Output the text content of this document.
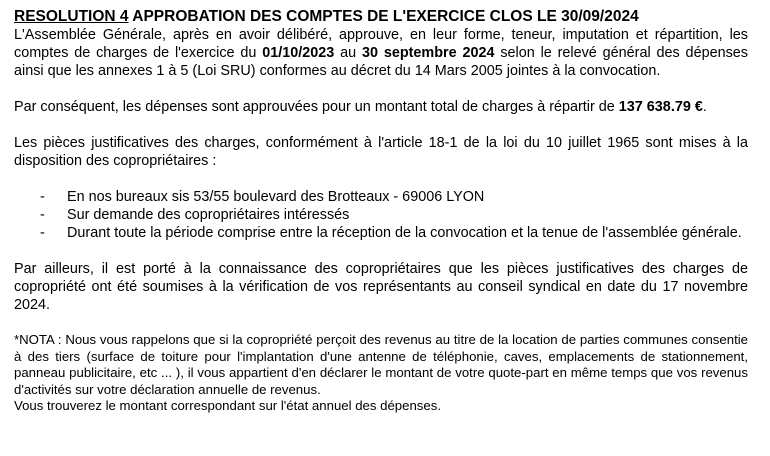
RESOLUTION 4 APPROBATION DES COMPTES DE L'EXERCICE CLOS LE 30/09/2024

L'Assemblée Générale, après en avoir délibéré, approuve, en leur forme, teneur, imputation et répartition, les comptes de charges de l'exercice du 01/10/2023 au 30 septembre 2024 selon le relevé général des dépenses ainsi que les annexes 1 à 5 (Loi SRU) conformes au décret du 14 Mars 2005 jointes à la convocation.

Par conséquent, les dépenses sont approuvées pour un montant total de charges à répartir de 137 638.79 €.

Les pièces justificatives des charges, conformément à l'article 18-1 de la loi du 10 juillet 1965 sont mises à la disposition des copropriétaires :

- En nos bureaux sis 53/55 boulevard des Brotteaux - 69006 LYON
- Sur demande des copropriétaires intéressés
- Durant toute la période comprise entre la réception de la convocation et la tenue de l'assemblée générale.

Par ailleurs, il est porté à la connaissance des copropriétaires que les pièces justificatives des charges de copropriété ont été soumises à la vérification de vos représentants au conseil syndical en date du 17 novembre 2024.

*NOTA : Nous vous rappelons que si la copropriété perçoit des revenus au titre de la location de parties communes consentie à des tiers (surface de toiture pour l'implantation d'une antenne de téléphonie, caves, emplacements de stationnement, panneau publicitaire, etc ... ), il vous appartient d'en déclarer le montant de votre quote-part en même temps que vos revenus d'activités sur votre déclaration annuelle de revenus.

Vous trouverez le montant correspondant sur l'état annuel des dépenses.
